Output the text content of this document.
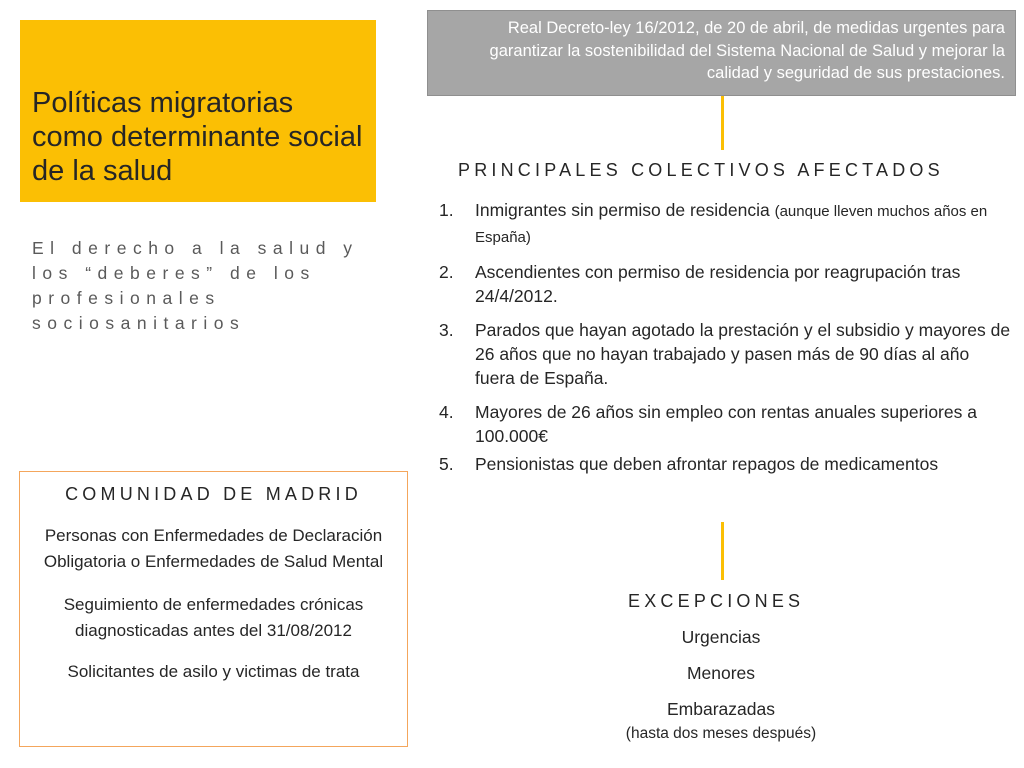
Políticas migratorias como determinante social de la salud
El derecho a la salud y los “deberes” de los profesionales sociosanitarios
Real Decreto-ley 16/2012, de 20 de abril, de medidas urgentes para garantizar la sostenibilidad del Sistema Nacional de Salud y mejorar la calidad y seguridad de sus prestaciones.
PRINCIPALES COLECTIVOS AFECTADOS
1. Inmigrantes sin permiso de residencia (aunque lleven muchos años en España)
2. Ascendientes con permiso de residencia por reagrupación tras 24/4/2012.
3. Parados que hayan agotado la prestación y el subsidio y mayores de 26 años que no hayan trabajado y pasen más de 90 días al año fuera de España.
4. Mayores de 26 años sin empleo con rentas anuales superiores a 100.000€
5. Pensionistas que deben afrontar repagos de medicamentos
EXCEPCIONES
Urgencias
Menores
Embarazadas
(hasta dos meses después)
COMUNIDAD DE MADRID

Personas con Enfermedades de Declaración Obligatoria o Enfermedades de Salud Mental

Seguimiento de enfermedades crónicas diagnosticadas antes del 31/08/2012

Solicitantes de asilo y victimas de trata
